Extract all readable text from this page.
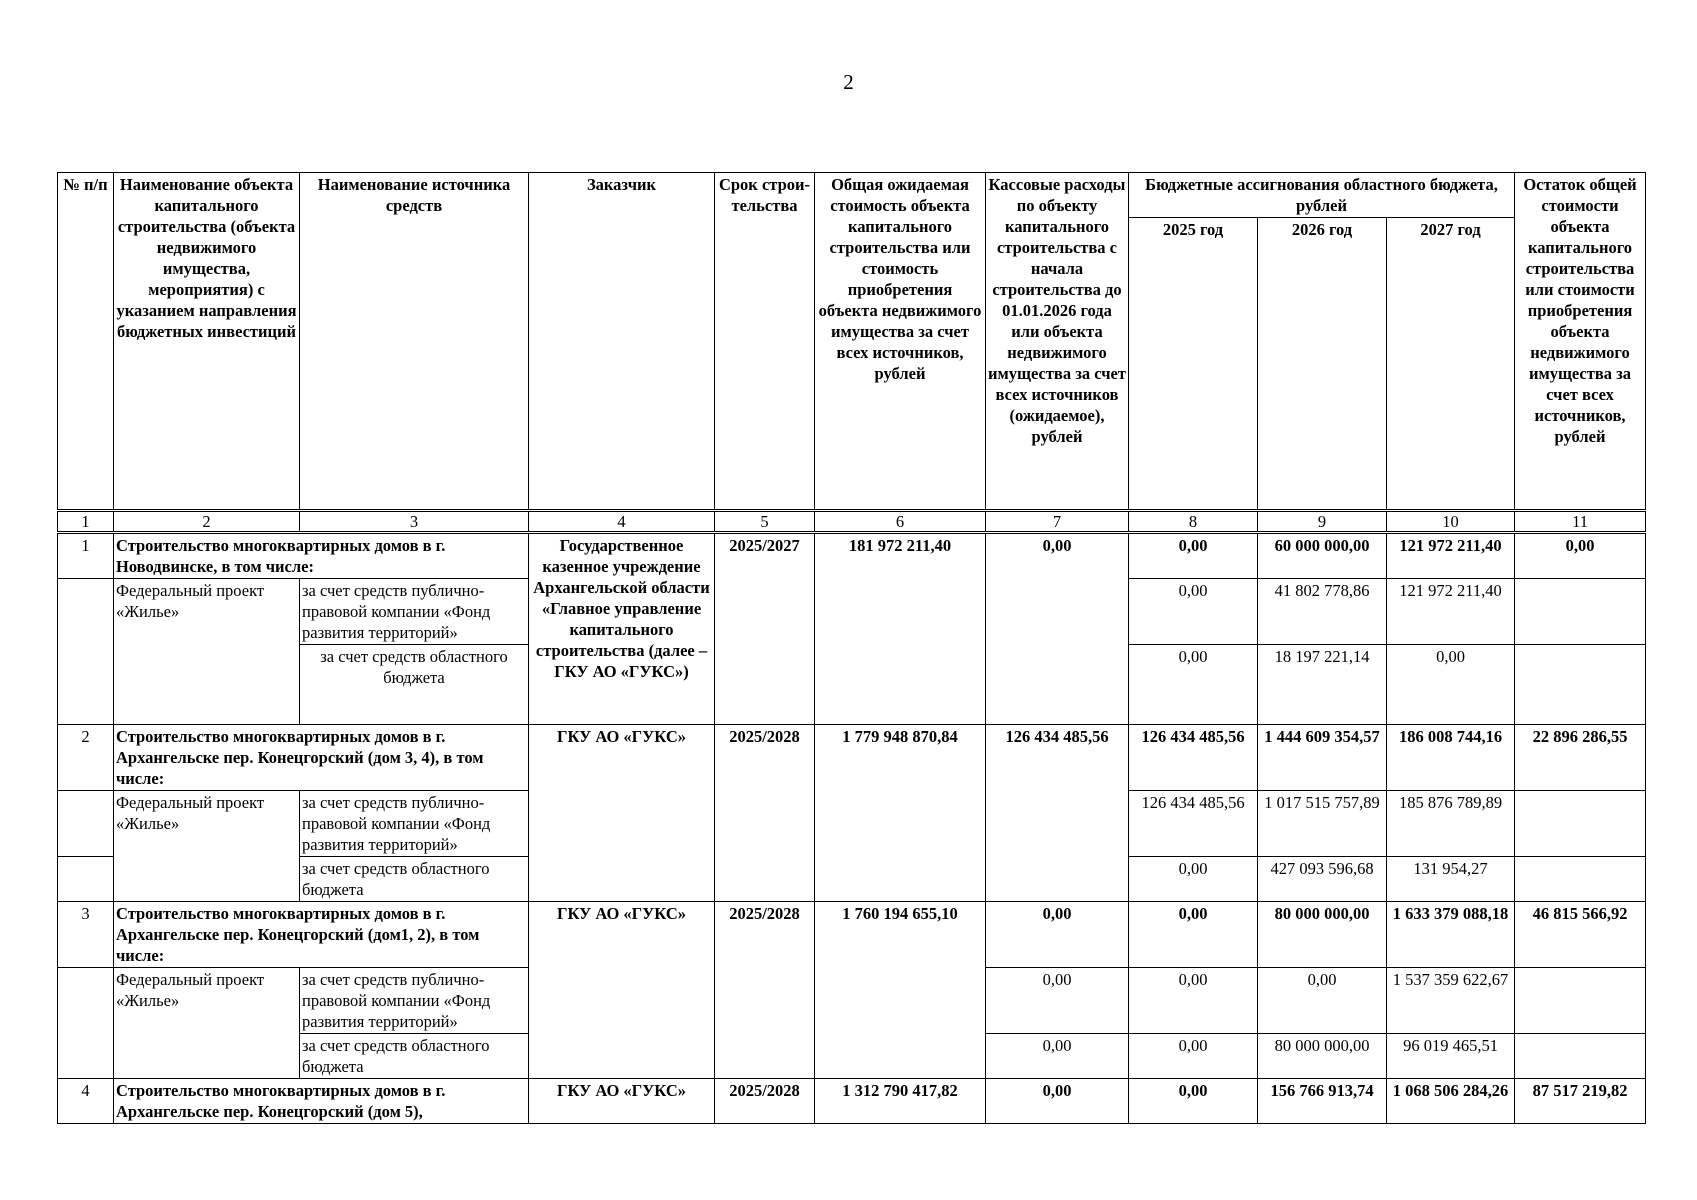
2
№ п/п	Наименование объекта капитального строительства (объекта недвижимого имущества, мероприятия) с указанием направления бюджетных инвестиций	Наименование источника средств	Заказчик	Срок строи-тельства	Общая ожидаемая стоимость объекта капитального строительства или стоимость приобретения объекта недвижимого имущества за счет всех источников, рублей	Кассовые расходы по объекту капитального строительства с начала строительства до 01.01.2026 года или объекта недвижимого имущества за счет всех источников (ожидаемое), рублей	Бюджетные ассигнования областного бюджета, рублей			Остаток общей стоимости объекта капитального строительства или стоимости приобретения объекта недвижимого имущества за счет всех источников, рублей
							2025 год	2026 год	2027 год	
1	2	3	4	5	6	7	8	9	10	11
1	Строительство многоквартирных домов в г. Новодвинске, в том числе:		Государственное казенное учреждение Архангельской области «Главное управление капитального строительства (далее – ГКУ АО «ГУКС»)	2025/2027	181 972 211,40	0,00	0,00	60 000 000,00	121 972 211,40	0,00
	Федеральный проект «Жилье»	за счет средств публично-правовой компании «Фонд развития территорий»					0,00	41 802 778,86	121 972 211,40	
		за счет средств областного бюджета					0,00	18 197 221,14	0,00	
2	Строительство многоквартирных домов в г. Архангельске пер. Конецгорский (дом 3, 4), в том числе:		ГКУ АО «ГУКС»	2025/2028	1 779 948 870,84	126 434 485,56	126 434 485,56	1 444 609 354,57	186 008 744,16	22 896 286,55
	Федеральный проект «Жилье»	за счет средств публично-правовой компании «Фонд развития территорий»					126 434 485,56	1 017 515 757,89	185 876 789,89	
		за счет средств областного бюджета					0,00	427 093 596,68	131 954,27	
3	Строительство многоквартирных домов в г. Архангельске пер. Конецгорский (дом1, 2), в том числе:		ГКУ АО «ГУКС»	2025/2028	1 760 194 655,10	0,00	0,00	80 000 000,00	1 633 379 088,18	46 815 566,92
	Федеральный проект «Жилье»	за счет средств публично-правовой компании «Фонд развития территорий»				0,00	0,00	0,00	1 537 359 622,67	
		за счет средств областного бюджета				0,00	0,00	80 000 000,00	96 019 465,51	
4	Строительство многоквартирных домов в г. Архангельске пер. Конецгорский (дом 5),		ГКУ АО «ГУКС»	2025/2028	1 312 790 417,82	0,00	0,00	156 766 913,74	1 068 506 284,26	87 517 219,82
